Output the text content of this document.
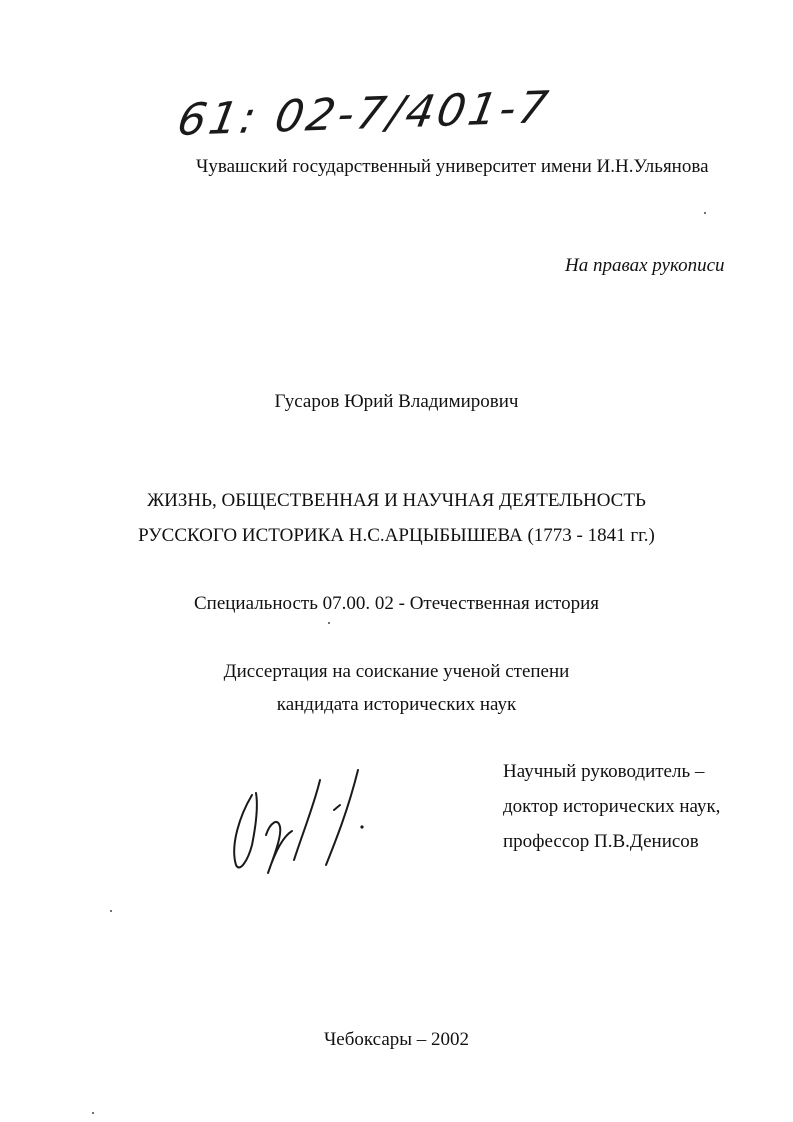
61: 02-7/401-7
Чувашский государственный университет имени И.Н.Ульянова
На правах рукописи
Гусаров Юрий Владимирович
ЖИЗНЬ, ОБЩЕСТВЕННАЯ И НАУЧНАЯ ДЕЯТЕЛЬНОСТЬ
РУССКОГО ИСТОРИКА Н.С.АРЦЫБЫШЕВА (1773 - 1841 гг.)
Специальность 07.00. 02 - Отечественная история
Диссертация на соискание ученой степени
кандидата исторических наук
Научный руководитель –
доктор исторических наук,
профессор П.В.Денисов
Чебоксары – 2002
